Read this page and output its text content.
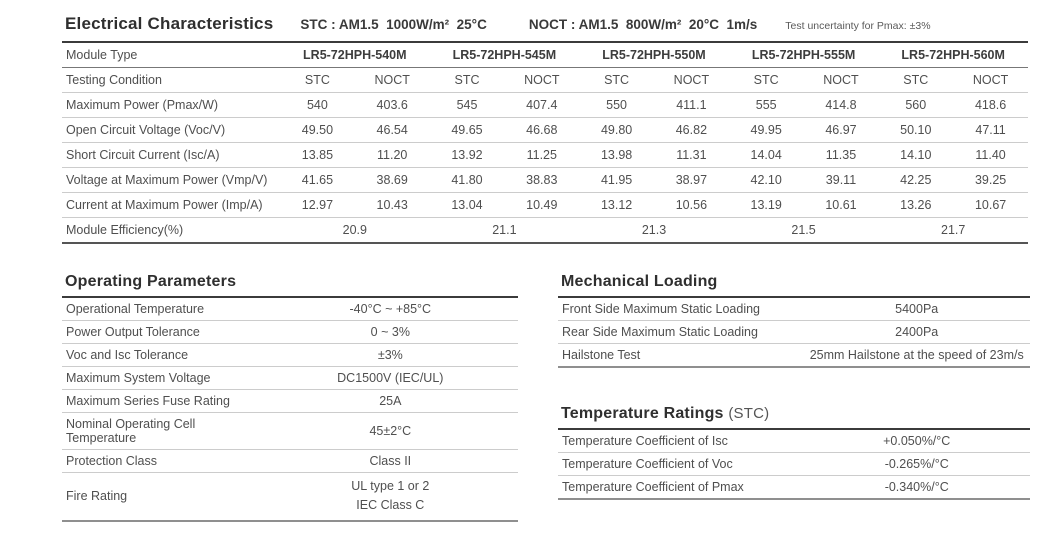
Electrical Characteristics STC : AM1.5  1000W/m²  25°C	NOCT : AM1.5  800W/m²  20°C  1m/s	Test uncertainty for Pmax: ±3%
Module Type	LR5-72HPH-540M		LR5-72HPH-545M		LR5-72HPH-550M		LR5-72HPH-555M		LR5-72HPH-560M	
Testing Condition	STC	NOCT	STC	NOCT	STC	NOCT	STC	NOCT	STC	NOCT
Maximum Power (Pmax/W)	540	403.6	545	407.4	550	411.1	555	414.8	560	418.6
Open Circuit Voltage (Voc/V)	49.50	46.54	49.65	46.68	49.80	46.82	49.95	46.97	50.10	47.11
Short Circuit Current (Isc/A)	13.85	11.20	13.92	11.25	13.98	11.31	14.04	11.35	14.10	11.40
Voltage at Maximum Power (Vmp/V)	41.65	38.69	41.80	38.83	41.95	38.97	42.10	39.11	42.25	39.25
Current at Maximum Power (Imp/A)	12.97	10.43	13.04	10.49	13.12	10.56	13.19	10.61	13.26	10.67
Module Efficiency(%)	20.9		21.1		21.3		21.5		21.7	
Operating Parameters
Operational Temperature	-40°C ~ +85°C
Power Output Tolerance	0 ~ 3%
Voc and Isc Tolerance	±3%
Maximum System Voltage	DC1500V (IEC/UL)
Maximum Series Fuse Rating	25A
Nominal Operating Cell Temperature	45±2°C
Protection Class	Class II
Fire Rating	UL type 1 or 2
IEC Class C
Mechanical Loading
Front Side Maximum Static Loading	5400Pa
Rear Side Maximum Static Loading	2400Pa
Hailstone Test	25mm Hailstone at the speed of 23m/s
Temperature Ratings (STC)
Temperature Coefficient of Isc	+0.050%/°C
Temperature Coefficient of Voc	-0.265%/°C
Temperature Coefficient of Pmax	-0.340%/°C
